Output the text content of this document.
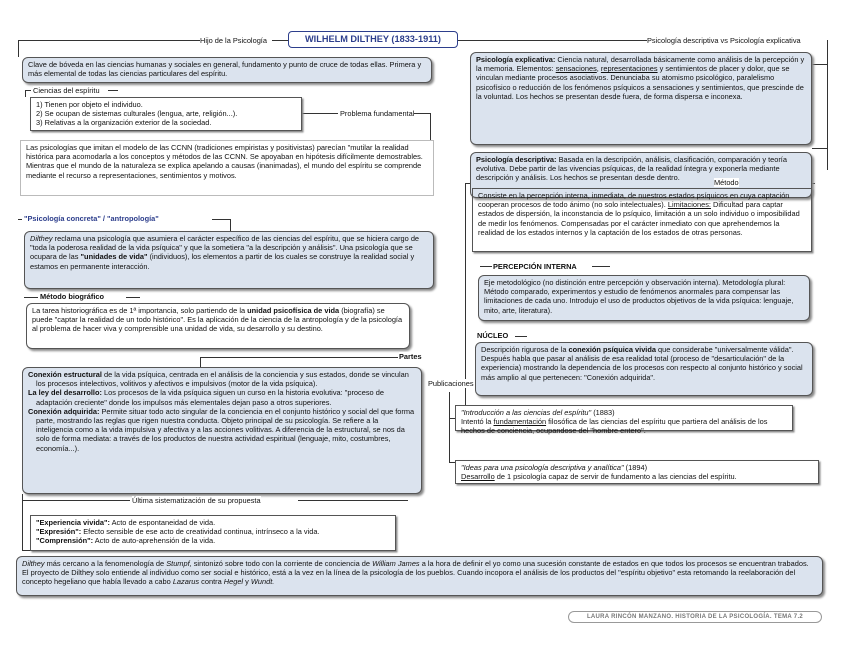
WILHELM DILTHEY (1833-1911)
Hijo de la Psicología	Psicología descriptiva vs Psicología explicativa
Clave de bóveda en las ciencias humanas y sociales en general, fundamento y punto de cruce de todas ellas. Primera y más elemental de todas las ciencias particulares del espíritu.
Ciencias del espíritu
1) Tienen por objeto el individuo.
2) Se ocupan de sistemas culturales (lengua, arte, religión...).
3) Relativas a la organización exterior de la sociedad.
Problema fundamental
Las psicologías que imitan el modelo de las CCNN (tradiciones empiristas y positivistas) parecían "mutilar la realidad histórica para acomodarla a los conceptos y métodos de las CCNN. Se apoyaban en hipótesis difícilmente demostrables. Mientras que el mundo de la naturaleza se explica apelando a causas (inanimadas), el mundo del espíritu se comprende mediante el recurso a representaciones, sentimientos y motivos.
"Psicología concreta" / "antropología"
Dilthey reclama una psicología que asumiera el carácter específico de las ciencias del espíritu, que se hiciera cargo de "toda la poderosa realidad de la vida psíquica" y que la sometiera "a la descripción y análisis". Una psicología que se ocupara de las "unidades de vida" (individuos), los elementos a partir de los cuales se construye la realidad social y estamos en permanente interacción.
Método biográfico
La tarea historiográfica es de 1ª importancia, solo partiendo de la unidad psicofísica de vida (biografía) se puede "captar la realidad de un todo histórico". Es la aplicación de la ciencia de la antropología y de la psicología al problema de hacer viva y comprensible una unidad de vida, su desarrollo y su destino.
Partes
Conexión estructural de la vida psíquica, centrada en el análisis de la conciencia y sus estados, donde se vinculan los procesos intelectivos, volitivos y afectivos e impulsivos (motor de la vida psíquica).
La ley del desarrollo: Los procesos de la vida psíquica siguen un curso en la historia evolutiva: "proceso de adaptación creciente" donde los impulsos más elementales dejan paso a otros superiores.
Conexión adquirida: Permite situar todo acto singular de la conciencia en el conjunto histórico y social del que forma parte, mostrando las reglas que rigen nuestra conducta. Objeto principal de su psicología. Se refiere a la inteligencia como a la vida impulsiva y afectiva y a las acciones volitivas. A diferencia de la estructural, se nos da solo de forma mediata: a través de los productos de nuestra actividad espiritual (lenguaje, mito, costumbres, economía...).
Última sistematización de su propuesta
"Experiencia vivida": Acto de espontaneidad de vida.
"Expresión": Efecto sensible de ese acto de creatividad continua, intrínseco a la vida.
"Comprensión": Acto de auto-aprehensión de la vida.
Psicología explicativa: Ciencia natural, desarrollada básicamente como análisis de la percepción y la memoria. Elementos: sensaciones, representaciones y sentimientos de placer y dolor, que se vinculan mediante procesos asociativos. Denunciaba su atomismo psicológico, paralelismo psicofísico o reducción de los fenómenos psíquicos a sensaciones y sentimientos, que prescinde de la voluntad. Los hechos se presentan desde fuera, de forma dispersa e inconexa.
Psicología descriptiva: Basada en la descripción, análisis, clasificación, comparación y teoría evolutiva. Debe partir de las vivencias psíquicas, de la realidad íntegra y exponerla mediante descripción y análisis. Los hechos se presentan desde dentro.
Método
Consiste en la percepción interna, inmediata, de nuestros estados psíquicos en cuya captación cooperan procesos de todo ánimo (no solo intelectuales). Limitaciones: Dificultad para captar estados de dispersión, la inconstancia de lo psíquico, limitación a un solo individuo o imposibilidad de medir los fenómenos. Compensadas por el carácter inmediato con que aprehendemos la realidad de los estados internos y la captación de los estados de otras personas.
PERCEPCIÓN INTERNA
Eje metodológico (no distinción entre percepción y observación interna). Metodología plural: Método comparado, experimentos y estudio de fenómenos anormales para compensar las limitaciones de cada uno. Introdujo el uso de productos objetivos de la vida psíquica: lenguaje, mito, arte, literatura).
NÚCLEO
Descripción rigurosa de la conexión psíquica vivida que considerabe "universalmente válida". Después habla que pasar al análisis de esa realidad total (proceso de "desarticulación" de la experiencia) mostrando la dependencia de los procesos con respecto al conjunto histórico y social más amplio al que pertenecen: "Conexión adquirida".
Publicaciones
"Introducción a las ciencias del espíritu" (1883)
Intentó la fundamentación filosófica de las ciencias del espíritu que partiera del análisis de los hechos de conciencia, ocupandose del "hombre entero".
"Ideas para una psicología descriptiva y analítica" (1894)
Desarrollo de 1 psicología capaz de servir de fundamento a las ciencias del espíritu.
Dilthey más cercano a la fenomenología de Stumpf, sintonizó sobre todo con la corriente de conciencia de William James a la hora de definir el yo como una sucesión constante de estados en que todos los procesos se encuentran trabados. El proyecto de Dilthey solo entiende al individuo como ser social e histórico, está a la vez en la línea de la psicología de los pueblos. Cuando incopora el análisis de los productos del "espíritu objetivo" esta retomando la reelaboración del concepto hegeliano que había llevado a cabo Lazarus contra Hegel y Wundt.
LAURA RINCÓN MANZANO. HISTORIA DE LA PSICOLOGÍA. TEMA 7.2
